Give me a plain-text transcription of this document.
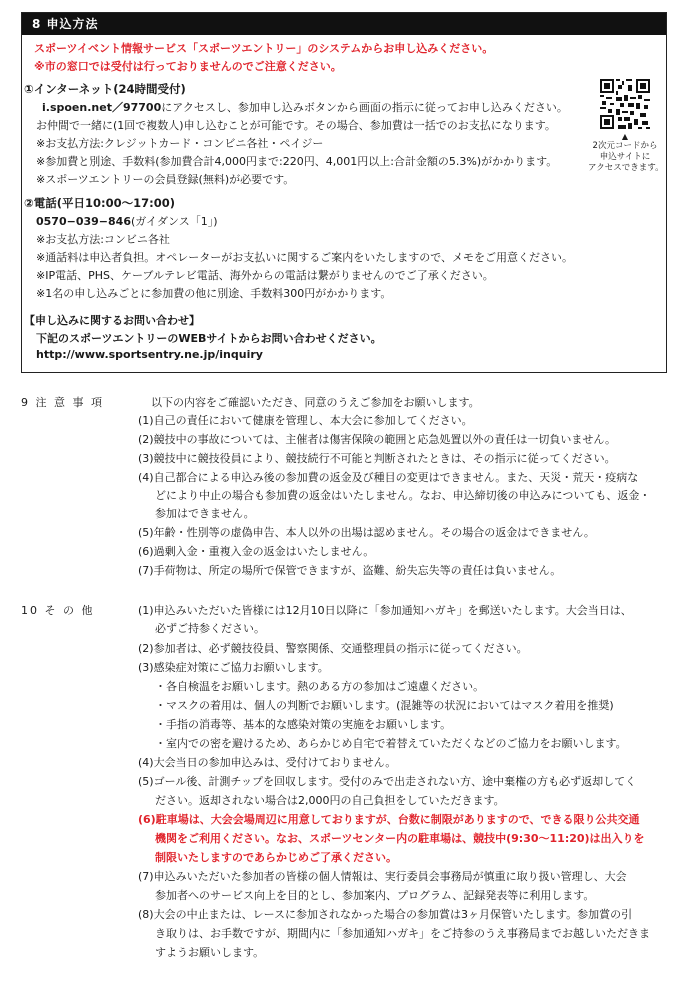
8 申込方法
スポーツイベント情報サービス「スポーツエントリー」のシステムからお申し込みください。
※市の窓口では受付は行っておりませんのでご注意ください。
①インターネット(24時間受付)
i.spoen.net／97700にアクセスし、参加申し込みボタンから画面の指示に従ってお申し込みください。
お仲間で一緒に(1回で複数人)申し込むことが可能です。その場合、参加費は一括でのお支払になります。
※お支払方法:クレジットカード・コンビニ各社・ペイジー
※参加費と別途、手数料(参加費合計4,000円まで:220円、4,001円以上:合計金額の5.3%)がかかります。
※スポーツエントリーの会員登録(無料)が必要です。
▲
2次元コードから
申込サイトに
アクセスできます。
②電話(平日10:00～17:00)
0570−039−846(ガイダンス「1」)
※お支払方法:コンビニ各社
※通話料は申込者負担。オペレーターがお支払いに関するご案内をいたしますので、メモをご用意ください。
※IP電話、PHS、ケーブルテレビ電話、海外からの電話は繋がりませんのでご了承ください。
※1名の申し込みごとに参加費の他に別途、手数料300円がかかります。
【申し込みに関するお問い合わせ】
下記のスポーツエントリーのWEBサイトからお問い合わせください。
http://www.sportsentry.ne.jp/inquiry
9 注 意 事 項	以下の内容をご確認いただき、同意のうえご参加をお願いします。
(1)自己の責任において健康を管理し、本大会に参加してください。
(2)競技中の事故については、主催者は傷害保険の範囲と応急処置以外の責任は一切負いません。
(3)競技中に競技役員により、競技続行不可能と判断されたときは、その指示に従ってください。
(4)自己都合による申込み後の参加費の返金及び種目の変更はできません。また、天災・荒天・疫病な
どにより中止の場合も参加費の返金はいたしません。なお、申込締切後の申込みについても、返金・
参加はできません。
(5)年齢・性別等の虚偽申告、本人以外の出場は認めません。その場合の返金はできません。
(6)過剰入金・重複入金の返金はいたしません。
(7)手荷物は、所定の場所で保管できますが、盗難、紛失忘失等の責任は負いません。
10 そ の 他	(1)申込みいただいた皆様には12月10日以降に「参加通知ハガキ」を郵送いたします。大会当日は、
必ずご持参ください。
(2)参加者は、必ず競技役員、警察関係、交通整理員の指示に従ってください。
(3)感染症対策にご協力お願いします。
・各自検温をお願いします。熱のある方の参加はご遠慮ください。
・マスクの着用は、個人の判断でお願いします。(混雑等の状況においてはマスク着用を推奨)
・手指の消毒等、基本的な感染対策の実施をお願いします。
・室内での密を避けるため、あらかじめ自宅で着替えていただくなどのご協力をお願いします。
(4)大会当日の参加申込みは、受付けておりません。
(5)ゴール後、計測チップを回収します。受付のみで出走されない方、途中棄権の方も必ず返却してく
ださい。返却されない場合は2,000円の自己負担をしていただきます。
(6)駐車場は、大会会場周辺に用意しておりますが、台数に制限がありますので、できる限り公共交通
機関をご利用ください。なお、スポーツセンター内の駐車場は、競技中(9:30～11:20)は出入りを
制限いたしますのであらかじめご了承ください。
(7)申込みいただいた参加者の皆様の個人情報は、実行委員会事務局が慎重に取り扱い管理し、大会
参加者へのサービス向上を目的とし、参加案内、プログラム、記録発表等に利用します。
(8)大会の中止または、レースに参加されなかった場合の参加賞は3ヶ月保管いたします。参加賞の引
き取りは、お手数ですが、期間内に「参加通知ハガキ」をご持参のうえ事務局までお越しいただきま
すようお願いします。
